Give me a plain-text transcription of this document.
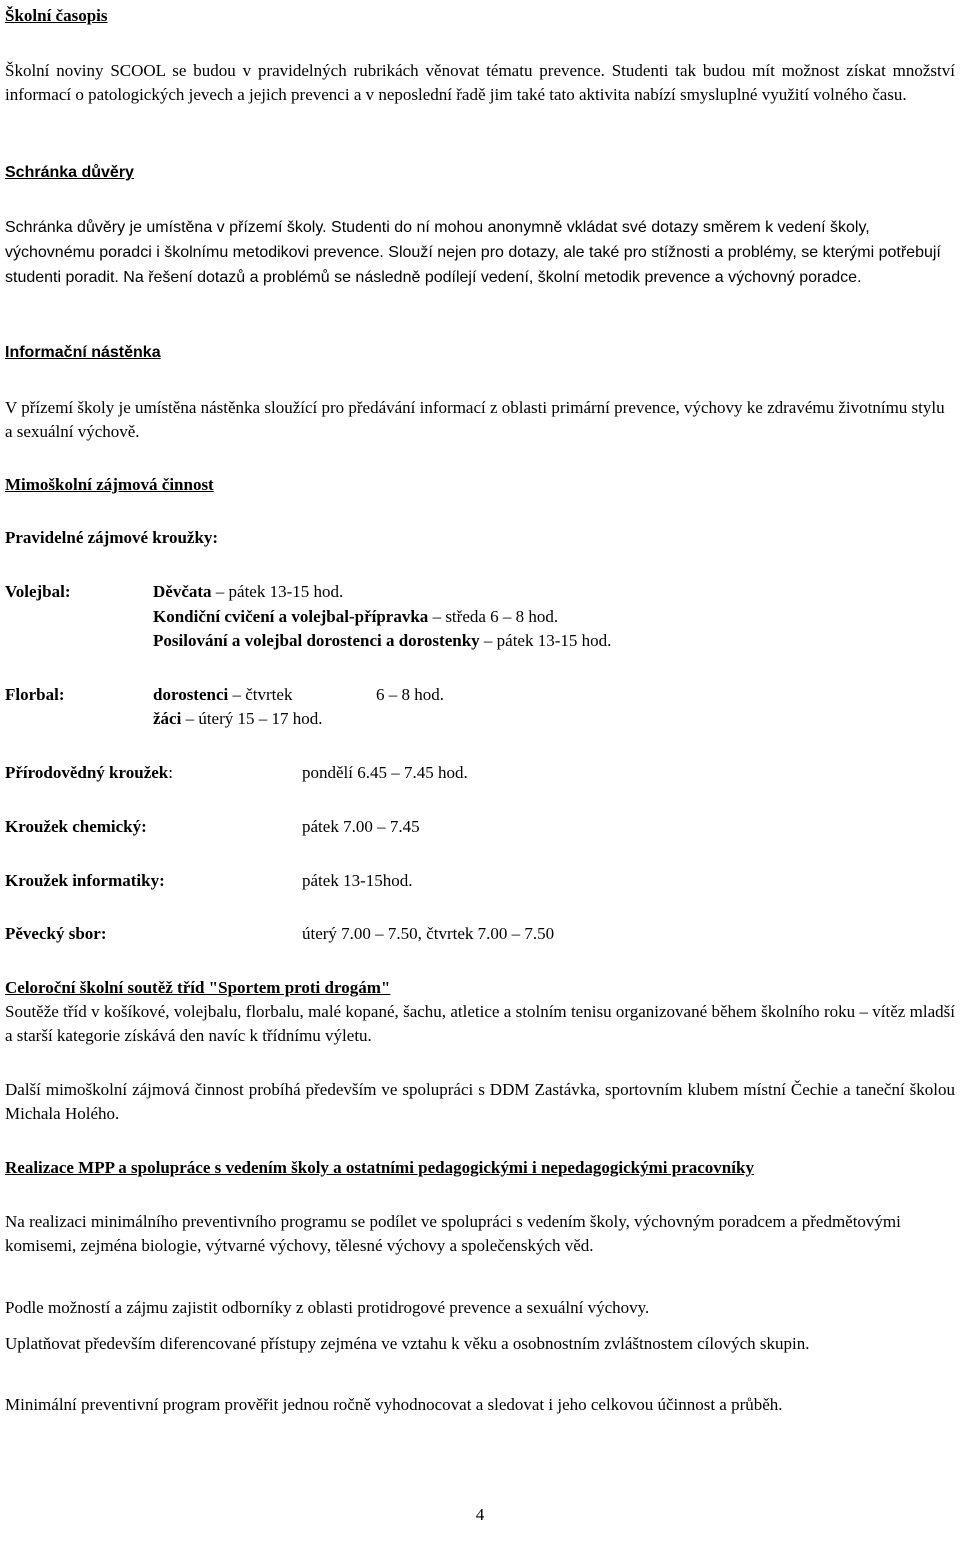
Školní časopis
Školní noviny SCOOL se budou v pravidelných rubrikách věnovat tématu prevence. Studenti tak budou mít možnost získat množství informací o patologických jevech a jejich prevenci a v neposlední řadě jim také tato aktivita nabízí smysluplné využití volného času.
Schránka důvěry
Schránka důvěry je umístěna v přízemí školy. Studenti do ní mohou anonymně vkládat své dotazy směrem k vedení školy, výchovnému poradci i školnímu metodikovi prevence. Slouží nejen pro dotazy, ale také pro stížnosti a problémy, se kterými potřebují studenti poradit. Na řešení dotazů a problémů se následně podílejí vedení, školní metodik prevence a výchovný poradce.
Informační nástěnka
V přízemí školy je umístěna nástěnka sloužící pro předávání informací z oblasti primární prevence, výchovy ke zdravému životnímu stylu a sexuální výchově.
Mimoškolní zájmová činnost
Pravidelné zájmové kroužky:
Volejbal:	Děvčata – pátek 13-15 hod.
Kondiční cvičení a volejbal-přípravka – středa 6 – 8 hod.
Posilování a volejbal dorostenci a dorostenky – pátek 13-15 hod.
Florbal:	dorostenci – čtvrtek	6 – 8 hod.
žáci – úterý 15 – 17 hod.
Přírodovědný kroužek:	pondělí 6.45 – 7.45 hod.
Kroužek chemický:	pátek 7.00 – 7.45
Kroužek informatiky:	pátek 13-15hod.
Pěvecký sbor:	úterý 7.00 – 7.50, čtvrtek 7.00 – 7.50
Celoroční školní soutěž tříd "Sportem proti drogám"
Soutěže tříd v košíkové, volejbalu, florbalu, malé kopané, šachu, atletice a stolním tenisu organizované během školního roku – vítěz mladší a starší kategorie získává den navíc k třídnímu výletu.
Další mimoškolní zájmová činnost probíhá především ve spolupráci s DDM Zastávka, sportovním klubem místní Čechie a taneční školou Michala Holého.
Realizace MPP a spolupráce s vedením školy a ostatními pedagogickými i nepedagogickými pracovníky
Na realizaci minimálního preventivního programu se podílet ve spolupráci s vedením školy, výchovným poradcem a předmětovými komisemi, zejména biologie, výtvarné výchovy, tělesné výchovy a společenských věd.
Podle možností a zájmu zajistit odborníky z oblasti protidrogové prevence a sexuální výchovy.
Uplatňovat především diferencované přístupy zejména ve vztahu k věku a osobnostním zvláštnostem cílových skupin.
Minimální preventivní program prověřit jednou ročně vyhodnocovat a sledovat i jeho celkovou účinnost a průběh.
4
